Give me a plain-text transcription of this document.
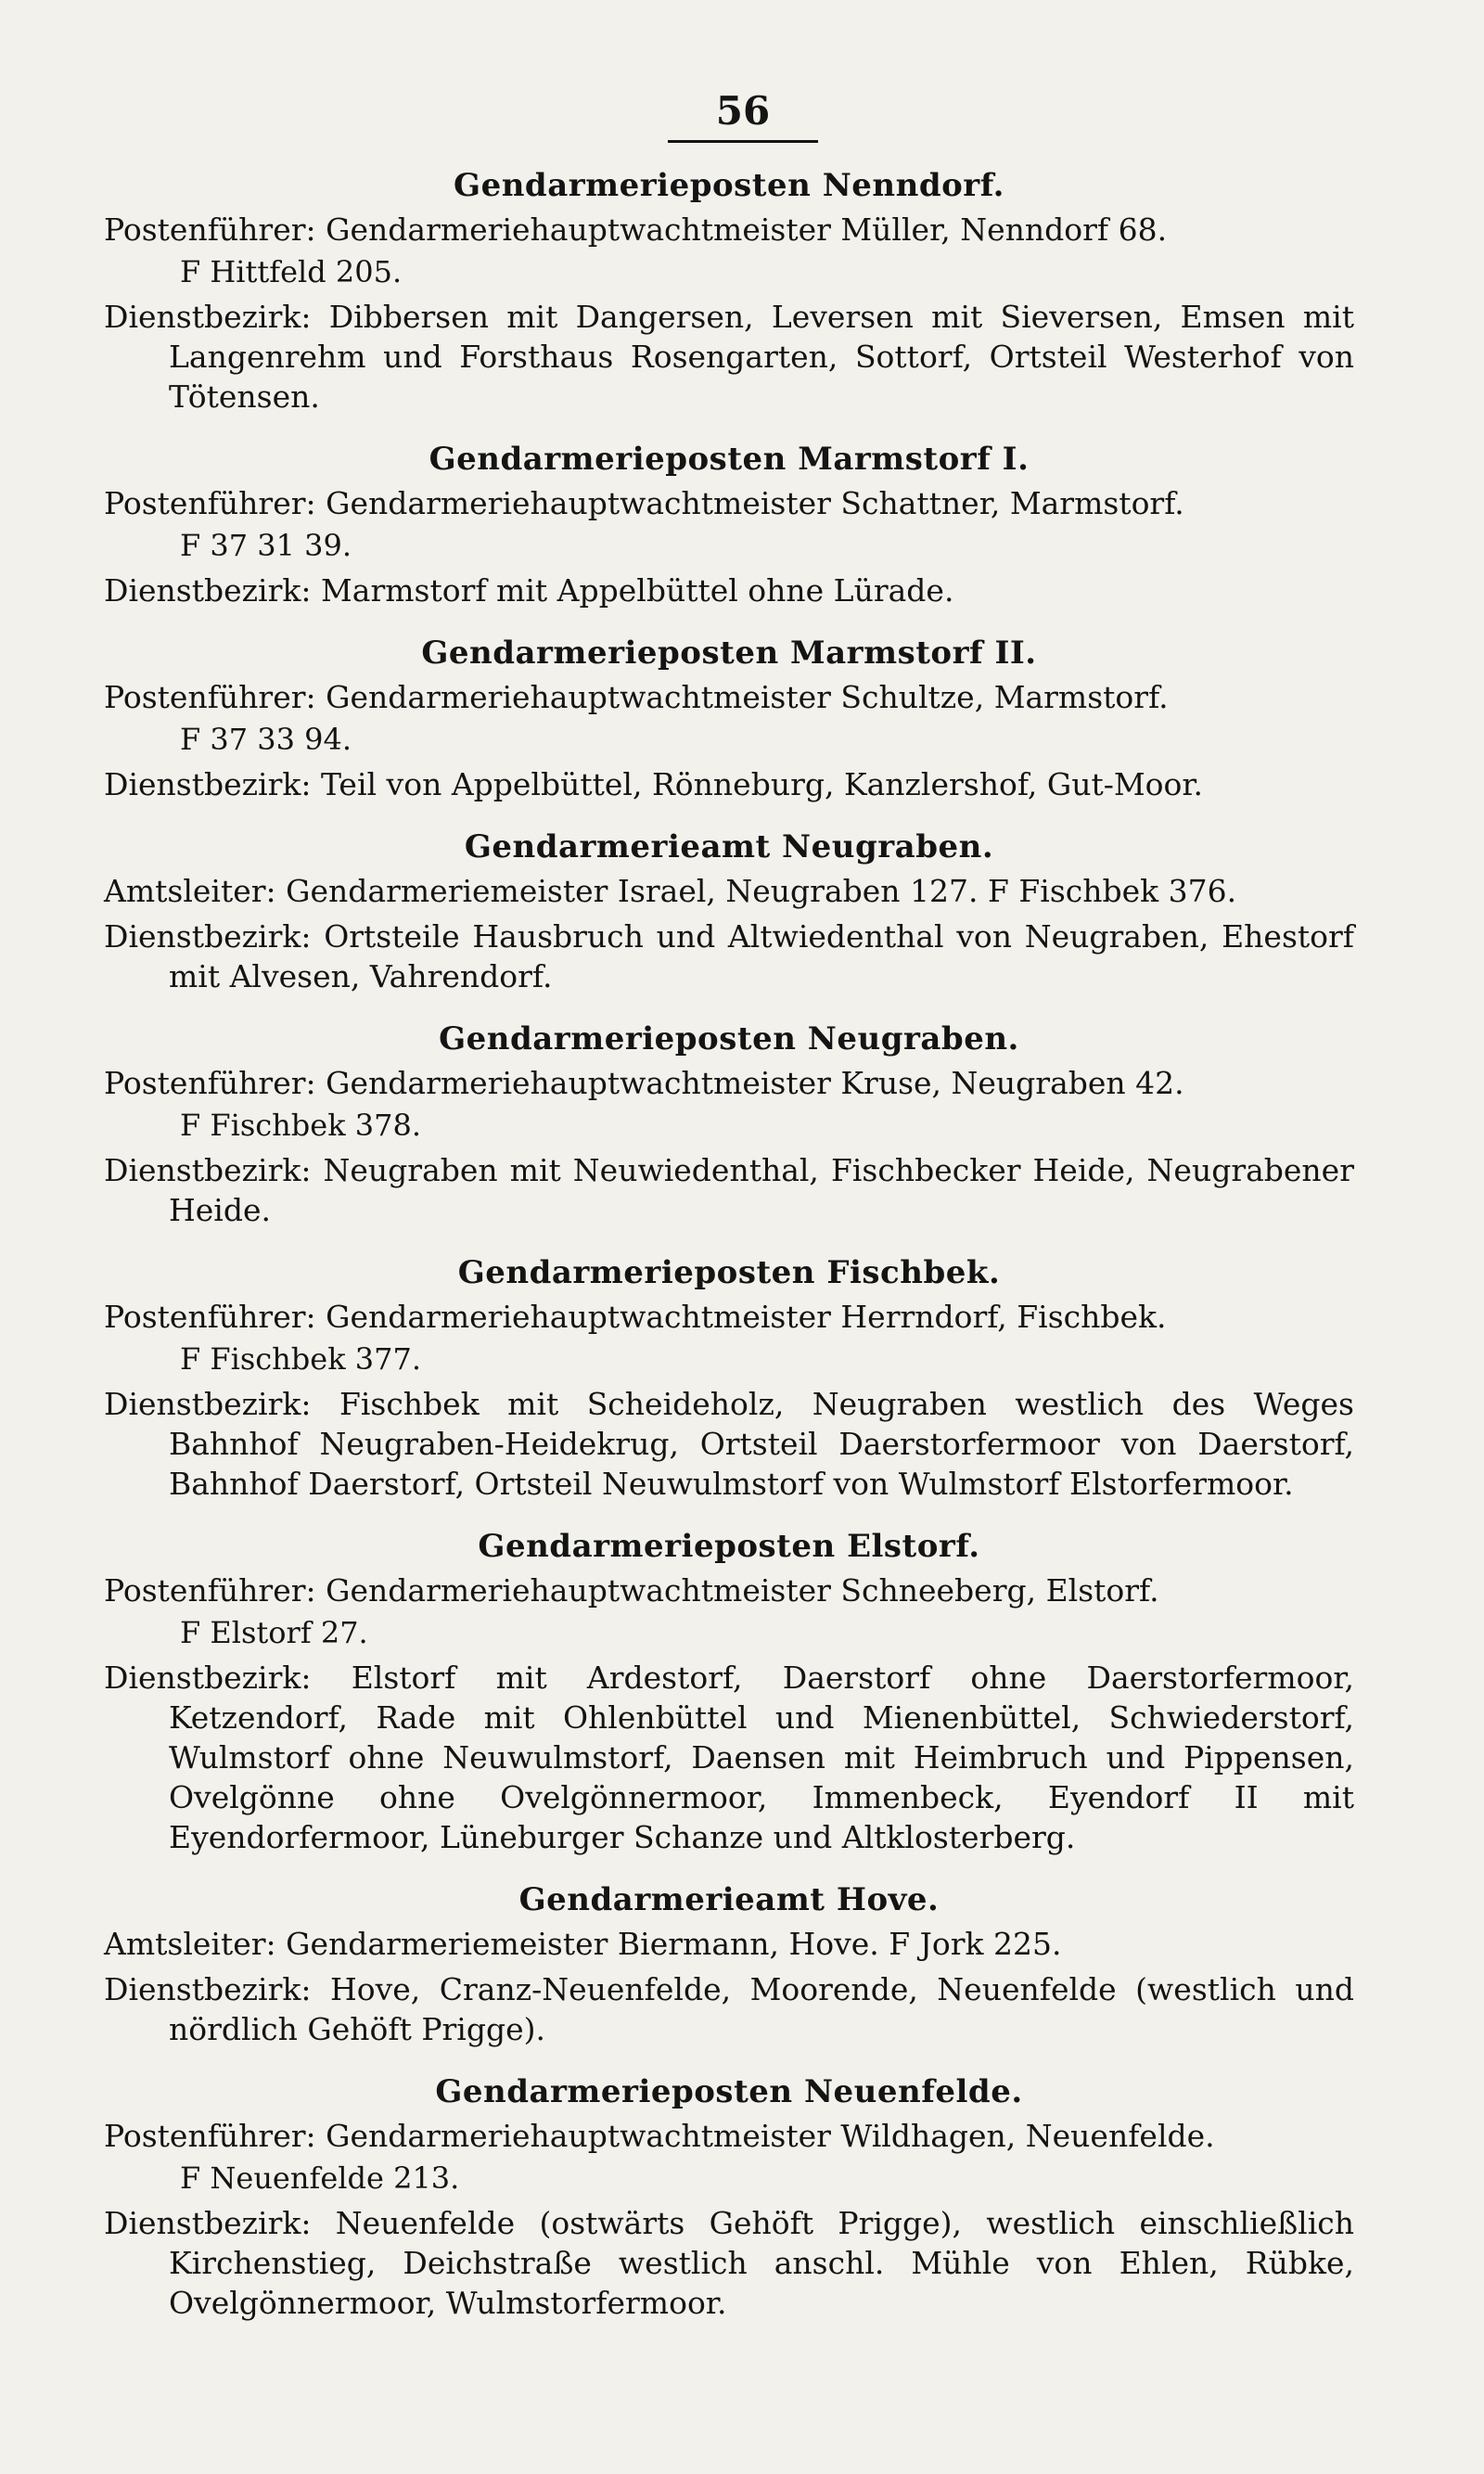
56
Gendarmerieposten Nenndorf.
Postenführer: Gendarmeriehauptwachtmeister Müller, Nenndorf 68.
F Hittfeld 205.
Dienstbezirk: Dibbersen mit Dangersen, Leversen mit Sieversen, Emsen mit Langenrehm und Forsthaus Rosengarten, Sottorf, Ortsteil Westerhof von Tötensen.
Gendarmerieposten Marmstorf I.
Postenführer: Gendarmeriehauptwachtmeister Schattner, Marmstorf.
F 37 31 39.
Dienstbezirk: Marmstorf mit Appelbüttel ohne Lürade.
Gendarmerieposten Marmstorf II.
Postenführer: Gendarmeriehauptwachtmeister Schultze, Marmstorf.
F 37 33 94.
Dienstbezirk: Teil von Appelbüttel, Rönneburg, Kanzlershof, Gut-Moor.
Gendarmerieamt Neugraben.
Amtsleiter: Gendarmeriemeister Israel, Neugraben 127. F Fischbek 376.
Dienstbezirk: Ortsteile Hausbruch und Altwiedenthal von Neugraben, Ehestorf mit Alvesen, Vahrendorf.
Gendarmerieposten Neugraben.
Postenführer: Gendarmeriehauptwachtmeister Kruse, Neugraben 42.
F Fischbek 378.
Dienstbezirk: Neugraben mit Neuwiedenthal, Fischbecker Heide, Neugrabener Heide.
Gendarmerieposten Fischbek.
Postenführer: Gendarmeriehauptwachtmeister Herrndorf, Fischbek.
F Fischbek 377.
Dienstbezirk: Fischbek mit Scheideholz, Neugraben westlich des Weges Bahnhof Neugraben-Heidekrug, Ortsteil Daerstorfermoor von Daerstorf, Bahnhof Daerstorf, Ortsteil Neuwulmstorf von Wulmstorf Elstorfermoor.
Gendarmerieposten Elstorf.
Postenführer: Gendarmeriehauptwachtmeister Schneeberg, Elstorf.
F Elstorf 27.
Dienstbezirk: Elstorf mit Ardestorf, Daerstorf ohne Daerstorfermoor, Ketzendorf, Rade mit Ohlenbüttel und Mienenbüttel, Schwiederstorf, Wulmstorf ohne Neuwulmstorf, Daensen mit Heimbruch und Pippensen, Ovelgönne ohne Ovelgönnermoor, Immenbeck, Eyendorf II mit Eyendorfermoor, Lüneburger Schanze und Altklosterberg.
Gendarmerieamt Hove.
Amtsleiter: Gendarmeriemeister Biermann, Hove. F Jork 225.
Dienstbezirk: Hove, Cranz-Neuenfelde, Moorende, Neuenfelde (westlich und nördlich Gehöft Prigge).
Gendarmerieposten Neuenfelde.
Postenführer: Gendarmeriehauptwachtmeister Wildhagen, Neuenfelde.
F Neuenfelde 213.
Dienstbezirk: Neuenfelde (ostwärts Gehöft Prigge), westlich einschließlich Kirchenstieg, Deichstraße westlich anschl. Mühle von Ehlen, Rübke, Ovelgönnermoor, Wulmstorfermoor.
